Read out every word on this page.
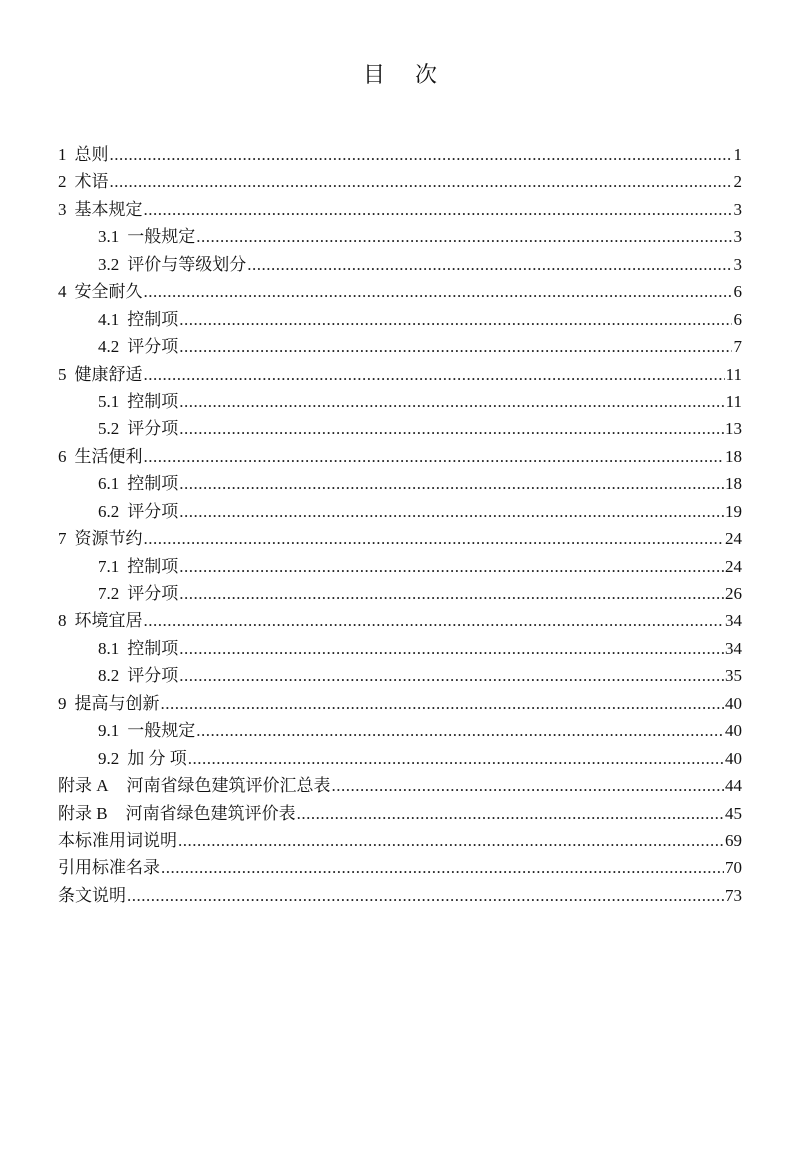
目 次
1 总则 .....	1
2 术语 .....	2
3 基本规定 .....	3
3.1 一般规定 .....	3
3.2 评价与等级划分 .....	3
4 安全耐久 .....	6
4.1 控制项 .....	6
4.2 评分项 .....	7
5 健康舒适 .....	11
5.1 控制项 .....	11
5.2 评分项 .....	13
6 生活便利 .....	18
6.1 控制项 .....	18
6.2 评分项 .....	19
7 资源节约 .....	24
7.1 控制项 .....	24
7.2 评分项 .....	26
8 环境宜居 .....	34
8.1 控制项 .....	34
8.2 评分项 .....	35
9 提高与创新 .....	40
9.1 一般规定 .....	40
9.2 加 分 项 .....	40
附录 A 河南省绿色建筑评价汇总表 .....	44
附录 B 河南省绿色建筑评价表 .....	45
本标准用词说明 .....	69
引用标准名录 .....	70
条文说明 .....	73
